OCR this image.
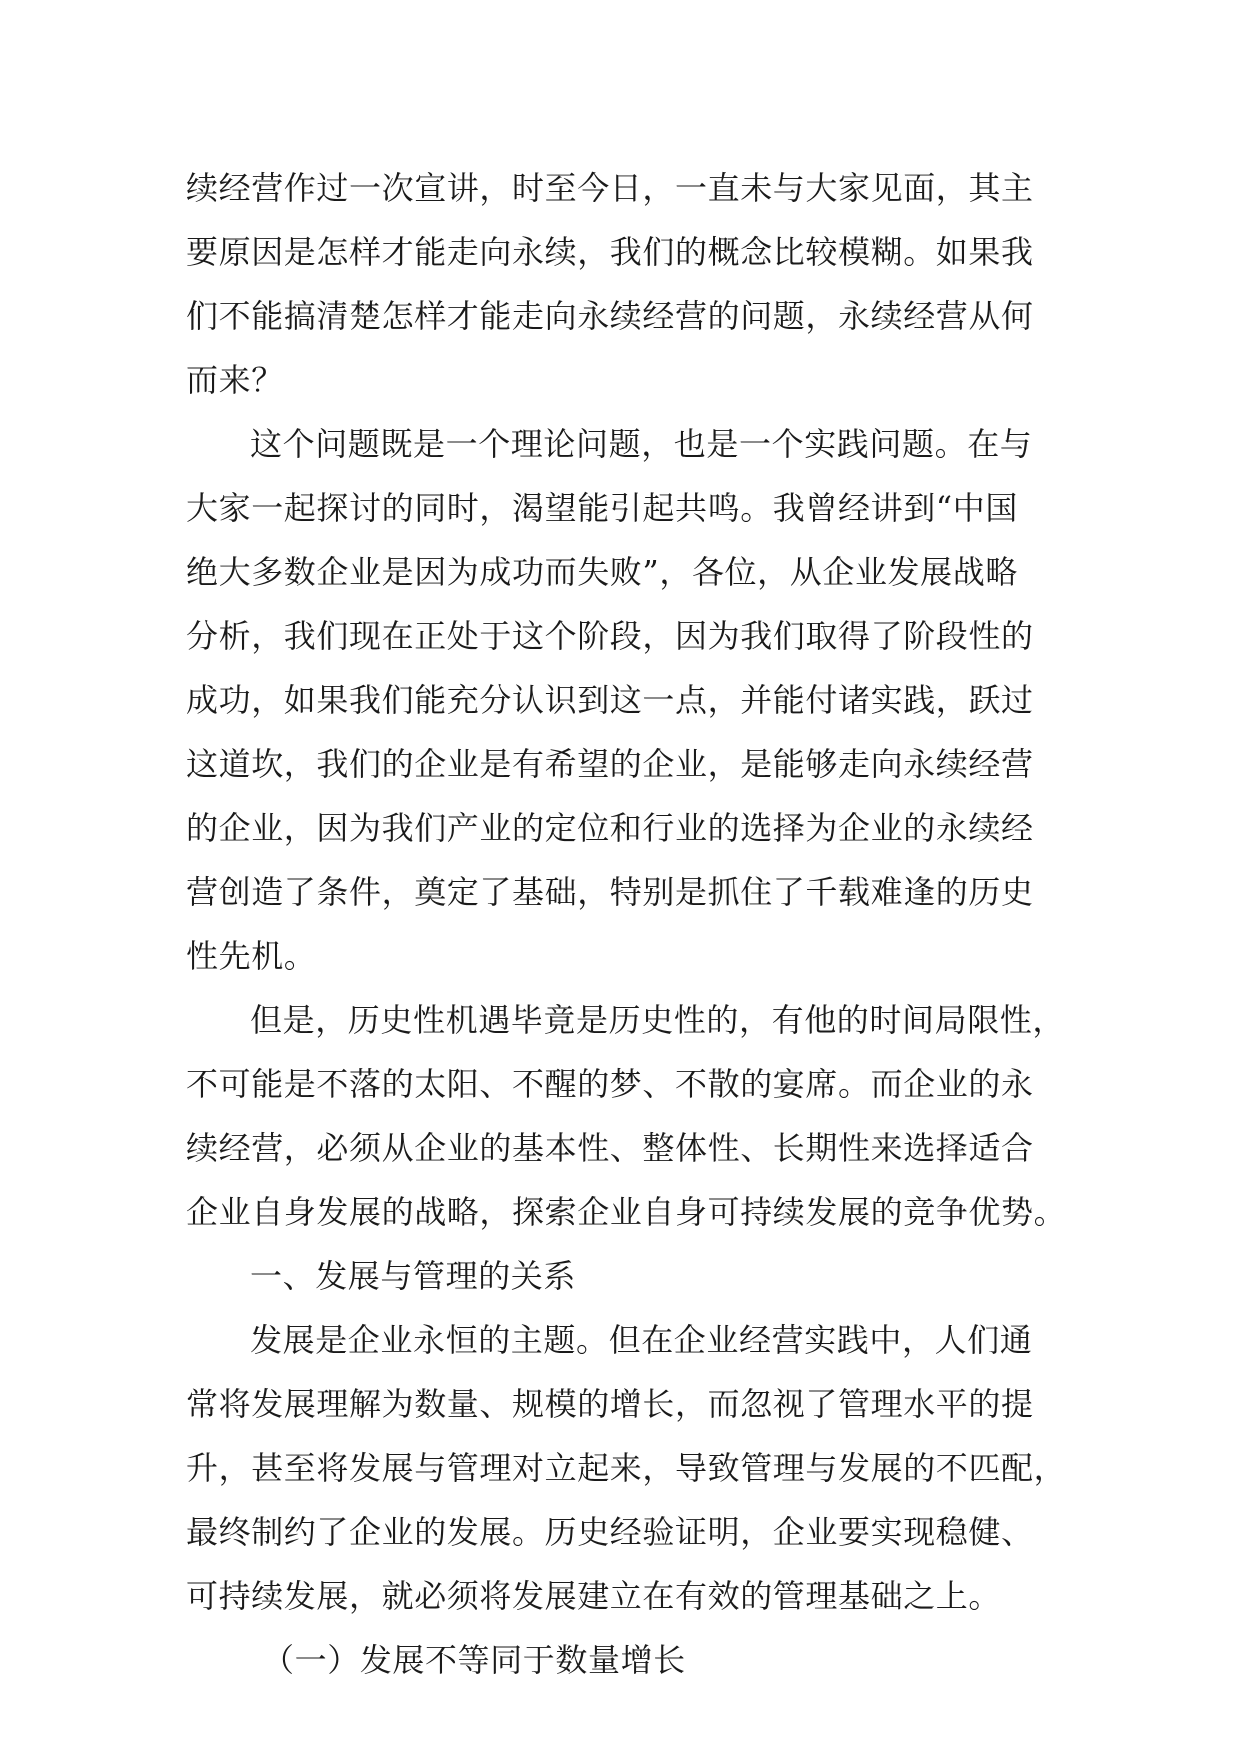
续经营作过一次宣讲，时至今日，一直未与大家见面，其主
要原因是怎样才能走向永续，我们的概念比较模糊。如果我
们不能搞清楚怎样才能走向永续经营的问题，永续经营从何
而来？
这个问题既是一个理论问题，也是一个实践问题。在与
大家一起探讨的同时，渴望能引起共鸣。我曾经讲到“中国
绝大多数企业是因为成功而失败”，各位，从企业发展战略
分析，我们现在正处于这个阶段，因为我们取得了阶段性的
成功，如果我们能充分认识到这一点，并能付诸实践，跃过
这道坎，我们的企业是有希望的企业，是能够走向永续经营
的企业，因为我们产业的定位和行业的选择为企业的永续经
营创造了条件，奠定了基础，特别是抓住了千载难逢的历史
性先机。
但是，历史性机遇毕竟是历史性的，有他的时间局限性，
不可能是不落的太阳、不醒的梦、不散的宴席。而企业的永
续经营，必须从企业的基本性、整体性、长期性来选择适合
企业自身发展的战略，探索企业自身可持续发展的竞争优势。
一、发展与管理的关系
发展是企业永恒的主题。但在企业经营实践中，人们通
常将发展理解为数量、规模的增长，而忽视了管理水平的提
升，甚至将发展与管理对立起来，导致管理与发展的不匹配，
最终制约了企业的发展。历史经验证明，企业要实现稳健、
可持续发展，就必须将发展建立在有效的管理基础之上。
（一）发展不等同于数量增长
